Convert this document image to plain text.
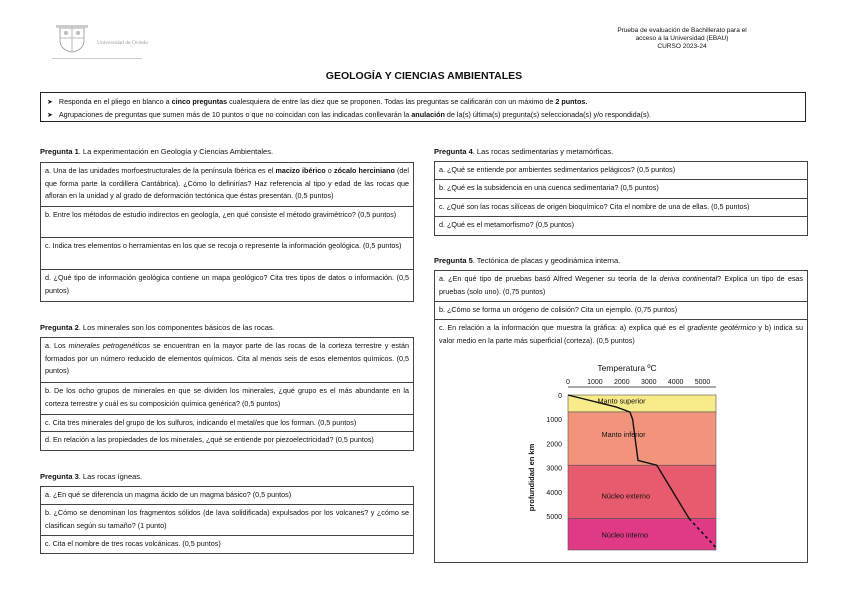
Universidad de Oviedo
Prueba de evaluación de Bachillerato para el
acceso a la Universidad (EBAU)
CURSO 2023-24
GEOLOGÍA Y CIENCIAS AMBIENTALES
➤ Responda en el pliego en blanco a cinco preguntas cualesquiera de entre las diez que se proponen. Todas las preguntas se calificarán con un máximo de 2 puntos.
➤ Agrupaciones de preguntas que sumen más de 10 puntos o que no coincidan con las indicadas conllevarán la anulación de la(s) última(s) pregunta(s) seleccionada(s) y/o respondida(s).
Pregunta 1. La experimentación en Geología y Ciencias Ambientales.
a. Una de las unidades morfoestructurales de la península Ibérica es el macizo ibérico o zócalo herciniano (del que forma parte la cordillera Cantábrica). ¿Cómo lo definirías? Haz referencia al tipo y edad de las rocas que afloran en la unidad y al grado de deformación tectónica que éstas presentan. (0,5 puntos)
b. Entre los métodos de estudio indirectos en geología, ¿en qué consiste el método gravimétrico? (0,5 puntos)
c. Indica tres elementos o herramientas en los que se recoja o represente la información geológica. (0,5 puntos)
d. ¿Qué tipo de información geológica contiene un mapa geológico? Cita tres tipos de datos o información. (0,5 puntos)
Pregunta 2. Los minerales son los componentes básicos de las rocas.
a. Los minerales petrogenéticos se encuentran en la mayor parte de las rocas de la corteza terrestre y están formados por un número reducido de elementos químicos. Cita al menos seis de esos elementos químicos. (0,5 puntos)
b. De los ocho grupos de minerales en que se dividen los minerales, ¿qué grupo es el más abundante en la corteza terrestre y cuál es su composición química genérica? (0,5 puntos)
c. Cita tres minerales del grupo de los sulfuros, indicando el metal/es que los forman. (0,5 puntos)
d. En relación a las propiedades de los minerales, ¿qué se entiende por piezoelectricidad? (0,5 puntos)
Pregunta 3. Las rocas ígneas.
a. ¿En qué se diferencia un magma ácido de un magma básico? (0,5 puntos)
b. ¿Cómo se denominan los fragmentos sólidos (de lava solidificada) expulsados por los volcanes? y ¿cómo se clasifican según su tamaño? (1 punto)
c. Cita el nombre de tres rocas volcánicas. (0,5 puntos)
Pregunta 4. Las rocas sedimentarias y metamórficas.
a. ¿Qué se entiende por ambientes sedimentarios pelágicos? (0,5 puntos)
b. ¿Qué es la subsidencia en una cuenca sedimentaria? (0,5 puntos)
c. ¿Qué son las rocas silíceas de origen bioquímico? Cita el nombre de una de ellas. (0,5 puntos)
d. ¿Qué es el metamorfismo? (0,5 puntos)
Pregunta 5. Tectónica de placas y geodinámica interna.
a. ¿En qué tipo de pruebas basó Alfred Wegener su teoría de la deriva continental? Explica un tipo de esas pruebas (solo uno). (0,75 puntos)
b. ¿Cómo se forma un orógeno de colisión? Cita un ejemplo. (0,75 puntos)
c. En relación a la información que muestra la gráfica: a) explica qué es el gradiente geotérmico y b) indica su valor medio en la parte más superficial (corteza). (0,5 puntos)
Manto superior
Manto inferior
Núcleo externo
Núcleo interno
Temperatura ºC
0 1000 2000 3000 4000 5000
0
1000
2000
3000
4000
5000
profundidad en km
